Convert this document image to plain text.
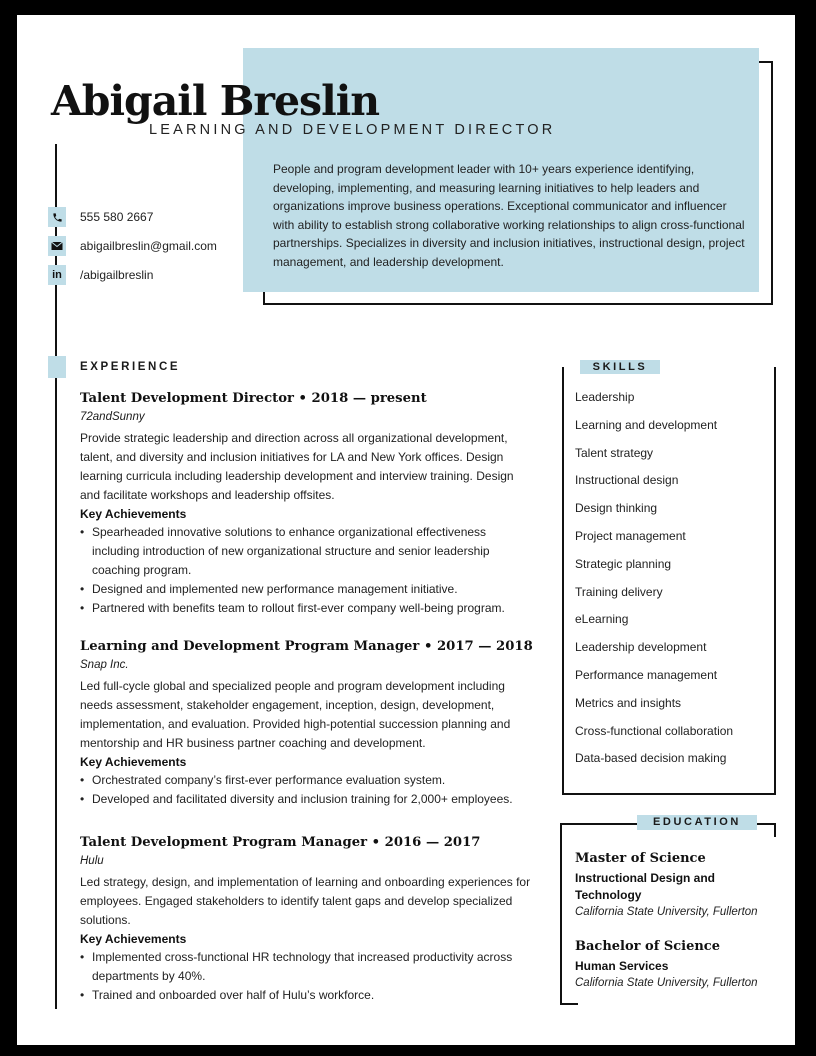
People and program development leader with 10+ years experience identifying, developing, implementing, and measuring learning initiatives to help leaders and organizations improve business operations. Exceptional communicator and influencer with ability to establish strong collaborative working relationships to align cross-functional partnerships. Specializes in diversity and inclusion initiatives, instructional design, project management, and leadership development.

Abigail Breslin
LEARNING AND DEVELOPMENT DIRECTOR
555 580 2667
abigailbreslin@gmail.com
in	/abigailbreslin
EXPERIENCE
Talent Development Director • 2018 — present
72andSunny

Provide strategic leadership and direction across all organizational development, talent, and diversity and inclusion initiatives for LA and New York offices. Design learning curricula including leadership development and interview training. Design and facilitate workshops and leadership offsites.

Key Achievements
• Spearheaded innovative solutions to enhance organizational effectiveness including introduction of new organizational structure and senior leadership coaching program.
• Designed and implemented new performance management initiative.
• Partnered with benefits team to rollout first-ever company well-being program.
Learning and Development Program Manager • 2017 — 2018
Snap Inc.

Led full-cycle global and specialized people and program development including needs assessment, stakeholder engagement, inception, design, development, implementation, and evaluation. Provided high-potential succession planning and mentorship and HR business partner coaching and development.

Key Achievements
• Orchestrated company’s first-ever performance evaluation system.
• Developed and facilitated diversity and inclusion training for 2,000+ employees.
Talent Development Program Manager • 2016 — 2017
Hulu

Led strategy, design, and implementation of learning and onboarding experiences for employees. Engaged stakeholders to identify talent gaps and develop specialized solutions.

Key Achievements
• Implemented cross-functional HR technology that increased productivity across departments by 40%.
• Trained and onboarded over half of Hulu’s workforce.
SKILLS
Leadership
Learning and development
Talent strategy
Instructional design
Design thinking
Project management
Strategic planning
Training delivery
eLearning
Leadership development
Performance management
Metrics and insights
Cross-functional collaboration
Data-based decision making
EDUCATION
Master of Science
Instructional Design and Technology
California State University, Fullerton
Bachelor of Science
Human Services
California State University, Fullerton
